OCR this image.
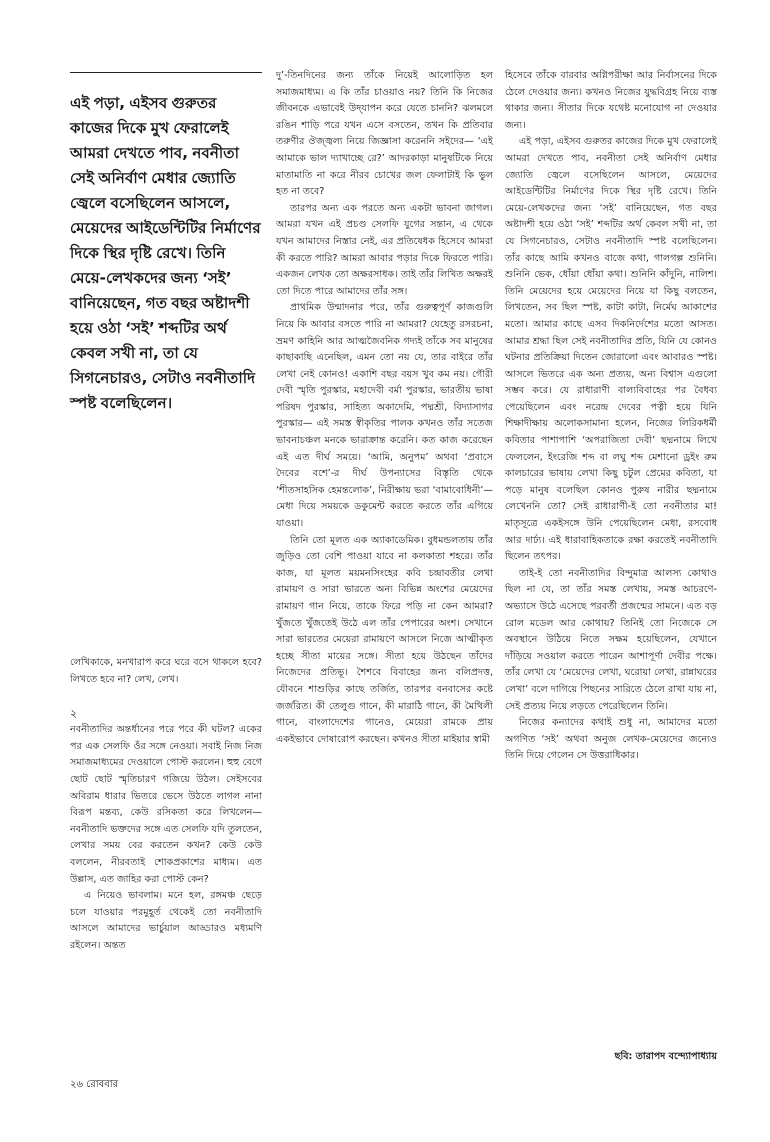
এই পড়া, এইসব গুরুতর কাজের দিকে মুখ ফেরালেই আমরা দেখতে পাব, নবনীতা সেই অনির্বাণ মেধার জ্যোতি জ্বেলে বসেছিলেন আসলে, মেয়েদের আইডেন্টিটির নির্মাণের দিকে স্থির দৃষ্টি রেখে। তিনি মেয়ে-লেখকদের জন্য ‘সই’ বানিয়েছেন, গত বছর অষ্টাদশী হয়ে ওঠা ‘সই’ শব্দটির অর্থ কেবল সখী না, তা যে সিগনেচারও, সেটাও নবনীতাদি স্পষ্ট বলেছিলেন।

লেখিকাকে, মনখারাপ করে ঘরে বসে থাকলে হবে? লিখতে হবে না? লেখ, লেখ।

২

নবনীতাদির অন্তর্ধানের পরে পরে কী ঘটল? একের পর এক সেলফি ওঁর সঙ্গে নেওয়া। সবাই নিজ নিজ সমাজমাধ্যমের দেওয়ালে পোস্ট করলেন। হুহু বেগে ছোট ছোট স্মৃতিচারণ গজিয়ে উঠল। সেইসবের অবিরাম ধারার ভিতরে ভেসে উঠতে লাগল নানা বিরূপ মন্তব্য, কেউ রসিকতা করে লিখলেন— নবনীতাদি ভক্তদের সঙ্গে এত সেলফি যদি তুলতেন, লেখার সময় বের করতেন কখন? কেউ কেউ বললেন, নীরবতাই শোকপ্রকাশের মাধ্যম। এত উল্লাস, এত জাহির করা পোস্ট কেন?

এ নিয়েও ভাবলাম। মনে হল, রঙ্গমঞ্চ ছেড়ে চলে যাওয়ার পরমুহূর্ত থেকেই তো নবনীতাদি আসলে আমাদের ভার্চুয়াল আড্ডারও মধ্যমণি রইলেন। অন্তত

দু’-তিনদিনের জন্য তাঁকে নিয়েই আলোড়িত হল সমাজমাধ্যম। এ কি তাঁর চাওয়াও নয়? তিনি কি নিজের জীবনকে এভাবেই উদ্‌যাপন করে যেতে চাননি? ঝলমলে রঙিন শাড়ি পরে যখন এসে বসতেন, তখন কি প্রতিবার তরুণীর ঔজ্জ্বল্য নিয়ে জিজ্ঞাসা করেননি সইদের— ‘এই আমাকে ভাল দ্যাখাচ্ছে রে?’ আদরকাড়া মানুষটিকে নিয়ে মাতামাতি না করে নীরব চোখের জল ফেলাটাই কি ভুল হত না তবে?

তারপর অন্য এক পরতে অন্য একটা ভাবনা জাগল। আমরা যখন এই প্রচণ্ড সেলফি যুগের সন্তান, এ থেকে যখন আমাদের নিস্তার নেই, এর প্রতিষেধক হিসেবে আমরা কী করতে পারি? আমরা আবার পড়ার দিকে ফিরতে পারি। একজন লেখক তো অক্ষরসাধক। তাই তাঁর লিখিত অক্ষরই তো দিতে পারে আমাদের তাঁর সঙ্গ।

প্রাথমিক উন্মাদনার পরে, তাঁর গুরুত্বপূর্ণ কাজগুলি নিয়ে কি আবার বসতে পারি না আমরা? যেহেতু রসরচনা, ভ্রমণ কাহিনি আর আত্মজৈবনিক গদ্যই তাঁকে সব মানুষের কাছাকাছি এনেছিল, এমন তো নয় যে, তার বাইরে তাঁর লেখা নেই কোনও! একাশি বছর বয়স খুব কম নয়। গৌরী দেবী স্মৃতি পুরস্কার, মহাদেবী বর্মা পুরস্কার, ভারতীয় ভাষা পরিষদ পুরস্কার, সাহিত্য অকাদেমি, পদ্মশ্রী, বিদ্যাসাগর পুরস্কার— এই সমস্ত স্বীকৃতির পালক কখনও তাঁর সতেজ ভাবনাচঞ্চল মনকে ভারাক্রান্ত করেনি। কত কাজ করেছেন এই এত দীর্ঘ সময়ে। ‘আমি, অনুপম’ অথবা ‘প্রবাসে দৈবের বশে’-র দীর্ঘ উপন্যাসের বিস্তৃতি থেকে ‘শীতসাহসিক হেমন্তলোক’, নিরীক্ষায় ভরা ‘বামাবোধিনী’— মেধা দিয়ে সময়কে ডকুমেন্ট করতে করতে তাঁর এগিয়ে যাওয়া।

তিনি তো মূলত এক অ্যাকাডেমিক। বুধমন্ডলতায় তাঁর জুড়িও তো বেশি পাওয়া যাবে না কলকাতা শহরে। তাঁর কাজ, যা মূলত ময়মনসিংহের কবি চন্দ্রাবতীর লেখা রামায়ণ ও সারা ভারতে অন্য বিভিন্ন অংশের মেয়েদের রামায়ণ গান নিয়ে, তাকে ফিরে পড়ি না কেন আমরা? খুঁজতে খুঁজতেই উঠে এল তাঁর পেপারের অংশ। সেখানে সারা ভারতের মেয়েরা রামায়ণে আসলে নিজে আত্মীকৃত হচ্ছে সীতা মায়ের সঙ্গে। সীতা হয়ে উঠছেন তাঁদের নিজেদের প্রতিভূ। শৈশবে বিবাহের জন্য বলিপ্রদত্ত, যৌবনে শাশুড়ির কাছে তর্জিত, তারপর বনবাসের কষ্টে জর্জরিত। কী তেলুগু গানে, কী মারাঠি গানে, কী মৈথিলী গানে, বাংলাদেশের গানেও, মেয়েরা রামকে প্রায় একইভাবে দোষারোপ করছেন। কখনও সীতা মাইয়ার স্বামী

হিসেবে তাঁকে বারবার অগ্নিপরীক্ষা আর নির্বাসনের দিকে ঠেলে দেওয়ার জন্য। কখনও নিজের যুদ্ধবিগ্রহ নিয়ে ব্যস্ত থাকার জন্য। সীতার দিকে যথেষ্ট মনোযোগ না দেওয়ার জন্য।

এই পড়া, এইসব গুরুতর কাজের দিকে মুখ ফেরালেই আমরা দেখতে পাব, নবনীতা সেই অনির্বাণ মেধার জ্যোতি জ্বেলে বসেছিলেন আসলে, মেয়েদের আইডেন্টিটির নির্মাণের দিকে স্থির দৃষ্টি রেখে। তিনি মেয়ে-লেখকদের জন্য ‘সই’ বানিয়েছেন, গত বছর অষ্টাদশী হয়ে ওঠা ‘সই’ শব্দটির অর্থ কেবল সখী না, তা যে সিগনেচারও, সেটাও নবনীতাদি স্পষ্ট বলেছিলেন। তাঁর কাছে আমি কখনও বাজে কথা, গালগল্প শুনিনি। শুনিনি ভেক, ধোঁয়া ধোঁয়া কথা। শুনিনি কাঁদুনি, নালিশ। তিনি মেয়েদের হয়ে মেয়েদের নিয়ে যা কিছু বলতেন, লিখতেন, সব ছিল স্পষ্ট, কাটা কাটা, নির্মেঘ আকাশের মতো। আমার কাছে এসব দিকনির্দেশের মতো আসত। আমার শ্রদ্ধা ছিল সেই নবনীতাদির প্রতি, যিনি যে কোনও ঘটনার প্রতিক্রিয়া দিতেন জোরালো এবং আবারও স্পষ্ট। আসলে ভিতরে এক অন্য প্রত্যয়, অন্য বিশ্বাস এগুলো সম্ভব করে। যে রাধারাণী বাল্যবিবাহের পর বৈধব্য পেয়েছিলেন এবং নরেন্দ্র দেবের পত্নী হয়ে যিনি শিক্ষাদীক্ষায় অলোকসামান্য হলেন, নিজের লিরিকধর্মী কবিতার পাশাপাশি ‘অপরাজিতা দেবী’ ছদ্মনামে লিখে ফেললেন, ইংরেজি শব্দ বা লঘু শব্দ মেশানো ড্রইং রুম কালচারের ভাষায় লেখা কিছু চটুল প্রেমের কবিতা, যা পড়ে মানুষ বলেছিল কোনও পুরুষ নারীর ছদ্মনামে লেখেননি তো? সেই রাধারাণী-ই তো নবনীতার মা! মাতৃসূত্রে একইসঙ্গে উনি পেয়েছিলেন মেধা, রসবোধ আর দার্ঢ্য। এই ধারাবাহিকতাকে রক্ষা করতেই নবনীতাদি ছিলেন তৎপর।

তাই-ই তো নবনীতাদির বিন্দুমাত্র আলস্য কোথাও ছিল না যে, তা তাঁর সমস্ত লেখায়, সমস্ত আচরণে-অভ্যাসে উঠে এসেছে পরবর্তী প্রজন্মের সামনে। এত বড় রোল মডেল আর কোথায়? তিনিই তো নিজেকে সে অবস্থানে উঠিয়ে নিতে সক্ষম হয়েছিলেন, যেখানে দাঁড়িয়ে সওয়াল করতে পারেন আশাপূর্ণা দেবীর পক্ষে। তাঁর লেখা যে ‘মেয়েদের লেখা, ঘরোয়া লেখা, রান্নাঘরের লেখা’ বলে দাগিয়ে পিছনের সারিতে ঠেলে রাখা যায় না, সেই প্রত্যয় নিয়ে লড়তে পেরেছিলেন তিনি।

নিজের কন্যাদের কথাই শুধু না, আমাদের মতো অগণিত ‘সই’ অথবা অনুজ লেখক-মেয়েদের জন্যেও তিনি দিয়ে গেলেন সে উত্তরাধিকার।

ছবি: তারাপদ বন্দ্যোপাধ্যায়
২৬ রোববার
